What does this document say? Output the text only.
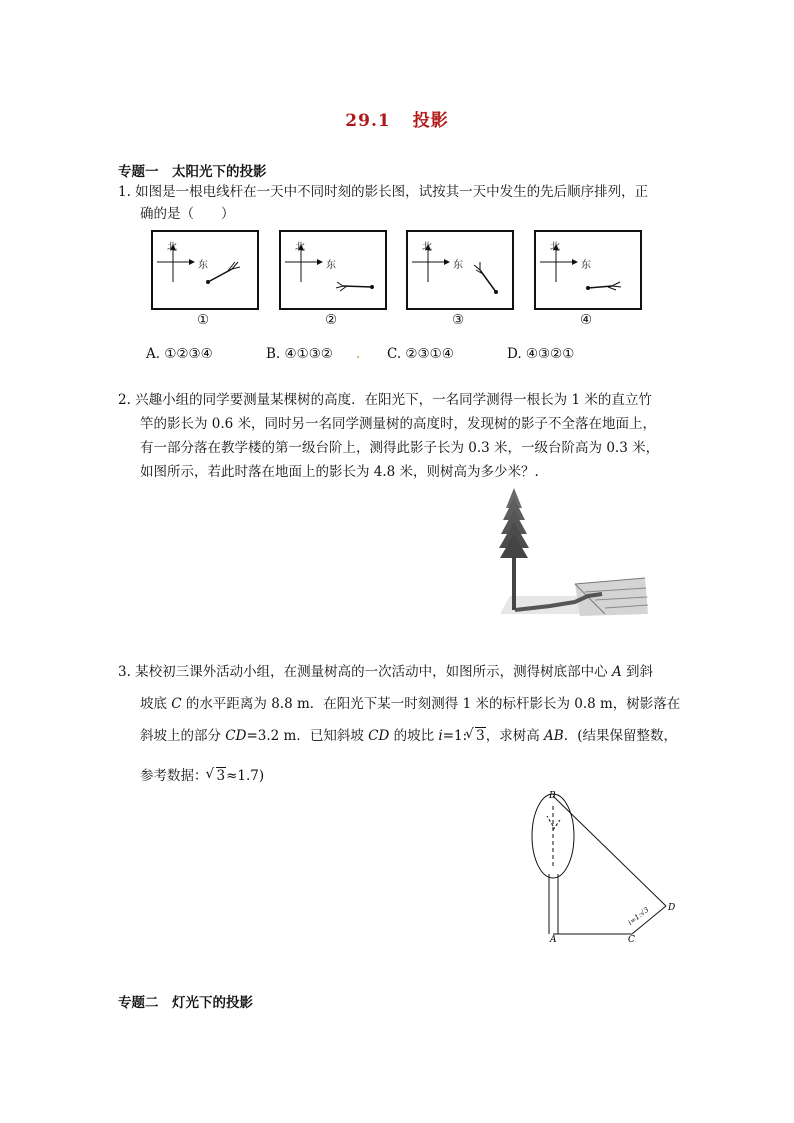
29.1 投影
专题一　太阳光下的投影
1. 如图是一根电线杆在一天中不同时刻的影长图，试按其一天中发生的先后顺序排列，正
确的是（　　）
北
东
北
东
北
东
北
东
①	②	③	④
A. ①②③④	B. ④①③② . C. ②③①④	D. ④③②①

2. 兴趣小组的同学要测量某棵树的高度．在阳光下，一名同学测得一根长为 1 米的直立竹

竿的影长为 0.6 米，同时另一名同学测量树的高度时，发现树的影子不全落在地面上，

有一部分落在教学楼的第一级台阶上，测得此影子长为 0.3 米，一级台阶高为 0.3 米，

如图所示，若此时落在地面上的影长为 4.8 米，则树高为多少米？.

3. 某校初三课外活动小组，在测量树高的一次活动中，如图所示，测得树底部中心 A 到斜

坡底 C 的水平距离为 8.8 m．在阳光下某一时刻测得 1 米的标杆影长为 0.8 m，树影落在

斜坡上的部分 CD=3.2 m．已知斜坡 CD 的坡比 i=1: √ 3，求树高 AB．(结果保留整数，

参考数据： √ 3≈1.7)

B
A	C
D
i=1:√3
专题二　灯光下的投影
